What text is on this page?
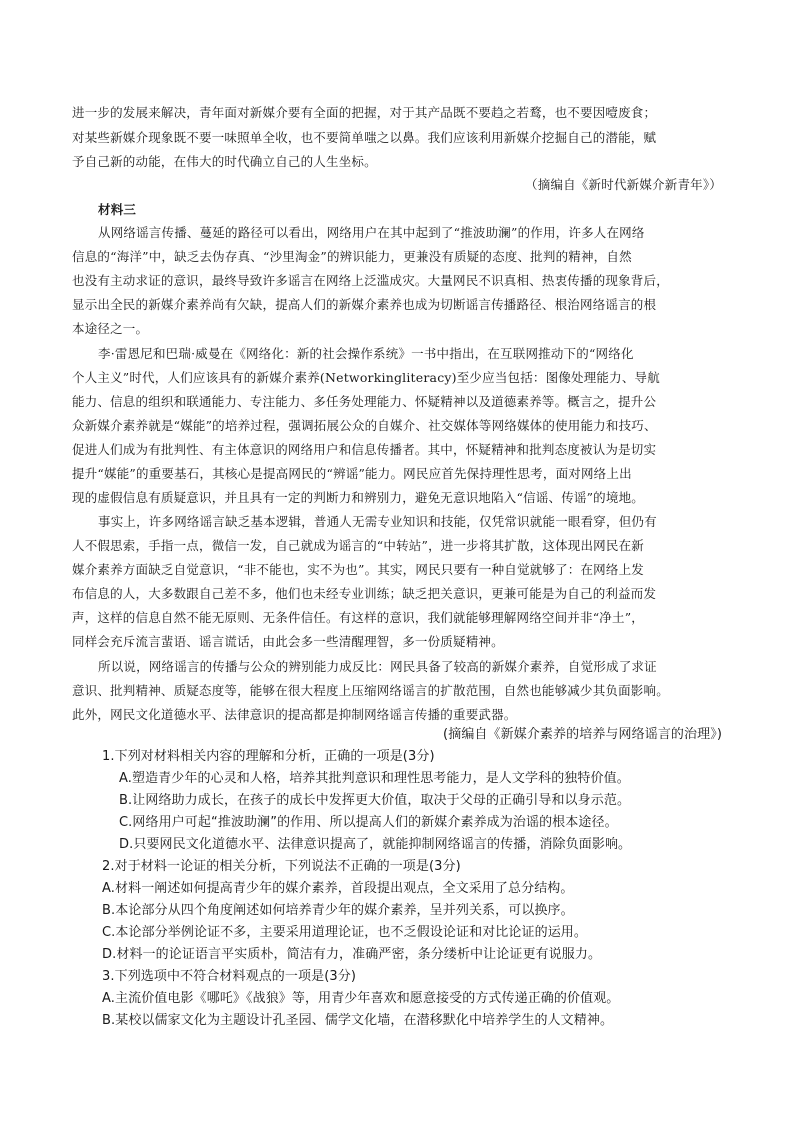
进一步的发展来解决，青年面对新媒介要有全面的把握，对于其产品既不要趋之若鹜，也不要因噎废食；
对某些新媒介现象既不要一味照单全收，也不要简单嗤之以鼻。我们应该利用新媒介挖掘自己的潜能，赋
予自己新的动能，在伟大的时代确立自己的人生坐标。
（摘编自《新时代新媒介新青年》）
材料三
从网络谣言传播、蔓延的路径可以看出，网络用户在其中起到了“推波助澜”的作用，许多人在网络
信息的“海洋”中，缺乏去伪存真、“沙里淘金”的辨识能力，更兼没有质疑的态度、批判的精神，自然
也没有主动求证的意识，最终导致许多谣言在网络上泛滥成灾。大量网民不识真相、热衷传播的现象背后，
显示出全民的新媒介素养尚有欠缺，提高人们的新媒介素养也成为切断谣言传播路径、根治网络谣言的根
本途径之一。
李·雷恩尼和巴瑞·威曼在《网络化：新的社会操作系统》一书中指出，在互联网推动下的“网络化
个人主义”时代，人们应该具有的新媒介素养(Networkingliteracy)至少应当包括：图像处理能力、导航
能力、信息的组织和联通能力、专注能力、多任务处理能力、怀疑精神以及道德素养等。概言之，提升公
众新媒介素养就是“媒能”的培养过程，强调拓展公众的自媒介、社交媒体等网络媒体的使用能力和技巧、
促进人们成为有批判性、有主体意识的网络用户和信息传播者。其中，怀疑精神和批判态度被认为是切实
提升“媒能”的重要基石，其核心是提高网民的“辨谣”能力。网民应首先保持理性思考，面对网络上出
现的虚假信息有质疑意识，并且具有一定的判断力和辨别力，避免无意识地陷入“信谣、传谣”的境地。
事实上，许多网络谣言缺乏基本逻辑，普通人无需专业知识和技能，仅凭常识就能一眼看穿，但仍有
人不假思索，手指一点，微信一发，自己就成为谣言的“中转站”，进一步将其扩散，这体现出网民在新
媒介素养方面缺乏自觉意识，“非不能也，实不为也”。其实，网民只要有一种自觉就够了：在网络上发
布信息的人，大多数跟自己差不多，他们也未经专业训练；缺乏把关意识，更兼可能是为自己的利益而发
声，这样的信息自然不能无原则、无条件信任。有这样的意识，我们就能够理解网络空间并非“净土”，
同样会充斥流言蜚语、谣言谎话，由此会多一些清醒理智，多一份质疑精神。
所以说，网络谣言的传播与公众的辨别能力成反比：网民具备了较高的新媒介素养，自觉形成了求证
意识、批判精神、质疑态度等，能够在很大程度上压缩网络谣言的扩散范围，自然也能够减少其负面影响。
此外，网民文化道德水平、法律意识的提高都是抑制网络谣言传播的重要武器。
(摘编自《新媒介素养的培养与网络谣言的治理》)
1.下列对材料相关内容的理解和分析，正确的一项是(3分)
A.塑造青少年的心灵和人格，培养其批判意识和理性思考能力，是人文学科的独特价值。
B.让网络助力成长，在孩子的成长中发挥更大价值，取决于父母的正确引导和以身示范。
C.网络用户可起“推波助澜”的作用、所以提高人们的新媒介素养成为治谣的根本途径。
D.只要网民文化道德水平、法律意识提高了，就能抑制网络谣言的传播，消除负面影响。
2.对于材料一论证的相关分析，下列说法不正确的一项是(3分)
A.材料一阐述如何提高青少年的媒介素养，首段提出观点，全文采用了总分结构。
B.本论部分从四个角度阐述如何培养青少年的媒介素养，呈并列关系，可以换序。
C.本论部分举例论证不多，主要采用道理论证，也不乏假设论证和对比论证的运用。
D.材料一的论证语言平实质朴，简洁有力，准确严密，条分缕析中让论证更有说服力。
3.下列选项中不符合材料观点的一项是(3分)
A.主流价值电影《哪吒》《战狼》等，用青少年喜欢和愿意接受的方式传递正确的价值观。
B.某校以儒家文化为主题设计孔圣园、儒学文化墙，在潜移默化中培养学生的人文精神。
